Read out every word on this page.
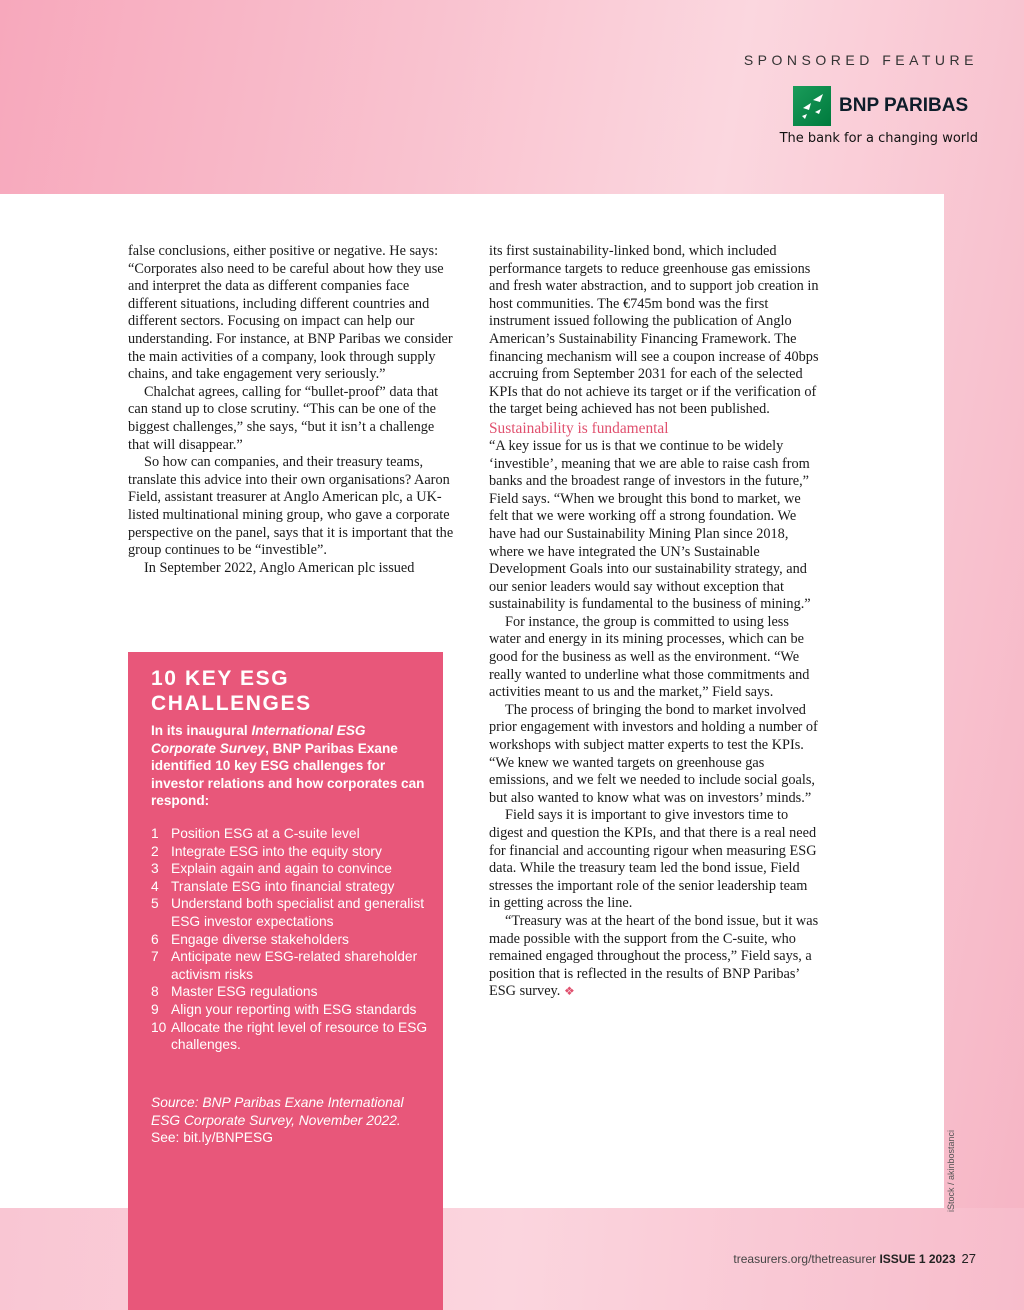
SPONSORED FEATURE
BNP PARIBAS
The bank for a changing world

false conclusions, either positive or negative. He says: “Corporates also need to be careful about how they use and interpret the data as different companies face different situations, including different countries and different sectors. Focusing on impact can help our understanding. For instance, at BNP Paribas we consider the main activities of a company, look through supply chains, and take engagement very seriously.”

Chalchat agrees, calling for “bullet-proof” data that can stand up to close scrutiny. “This can be one of the biggest challenges,” she says, “but it isn’t a challenge that will disappear.”

So how can companies, and their treasury teams, translate this advice into their own organisations? Aaron Field, assistant treasurer at Anglo American plc, a UK-listed multinational mining group, who gave a corporate perspective on the panel, says that it is important that the group continues to be “investible”.

In September 2022, Anglo American plc issued

its first sustainability-linked bond, which included performance targets to reduce greenhouse gas emissions and fresh water abstraction, and to support job creation in host communities. The €745m bond was the first instrument issued following the publication of Anglo American’s Sustainability Financing Framework. The financing mechanism will see a coupon increase of 40bps accruing from September 2031 for each of the selected KPIs that do not achieve its target or if the verification of the target being achieved has not been published.

Sustainability is fundamental

“A key issue for us is that we continue to be widely ‘investible’, meaning that we are able to raise cash from banks and the broadest range of investors in the future,” Field says. “When we brought this bond to market, we felt that we were working off a strong foundation. We have had our Sustainability Mining Plan since 2018, where we have integrated the UN’s Sustainable Development Goals into our sustainability strategy, and our senior leaders would say without exception that sustainability is fundamental to the business of mining.”

For instance, the group is committed to using less water and energy in its mining processes, which can be good for the business as well as the environment. “We really wanted to underline what those commitments and activities meant to us and the market,” Field says.

The process of bringing the bond to market involved prior engagement with investors and holding a number of workshops with subject matter experts to test the KPIs. “We knew we wanted targets on greenhouse gas emissions, and we felt we needed to include social goals, but also wanted to know what was on investors’ minds.”

Field says it is important to give investors time to digest and question the KPIs, and that there is a real need for financial and accounting rigour when measuring ESG data. While the treasury team led the bond issue, Field stresses the important role of the senior leadership team in getting across the line.

“Treasury was at the heart of the bond issue, but it was made possible with the support from the C-suite, who remained engaged throughout the process,” Field says, a position that is reflected in the results of BNP Paribas’ ESG survey. ❖

10 KEY ESG CHALLENGES
In its inaugural International ESG Corporate Survey, BNP Paribas Exane identified 10 key ESG challenges for investor relations and how corporates can respond:
1 Position ESG at a C-suite level
2 Integrate ESG into the equity story
3 Explain again and again to convince
4 Translate ESG into financial strategy
5 Understand both specialist and generalist ESG investor expectations
6 Engage diverse stakeholders
7 Anticipate new ESG-related shareholder activism risks
8 Master ESG regulations
9 Align your reporting with ESG standards
10 Allocate the right level of resource to ESG challenges.
Source: BNP Paribas Exane International ESG Corporate Survey, November 2022. See: bit.ly/BNPESG	iStock / akinbostanci
treasurers.org/thetreasurer ISSUE 1 2023 27
